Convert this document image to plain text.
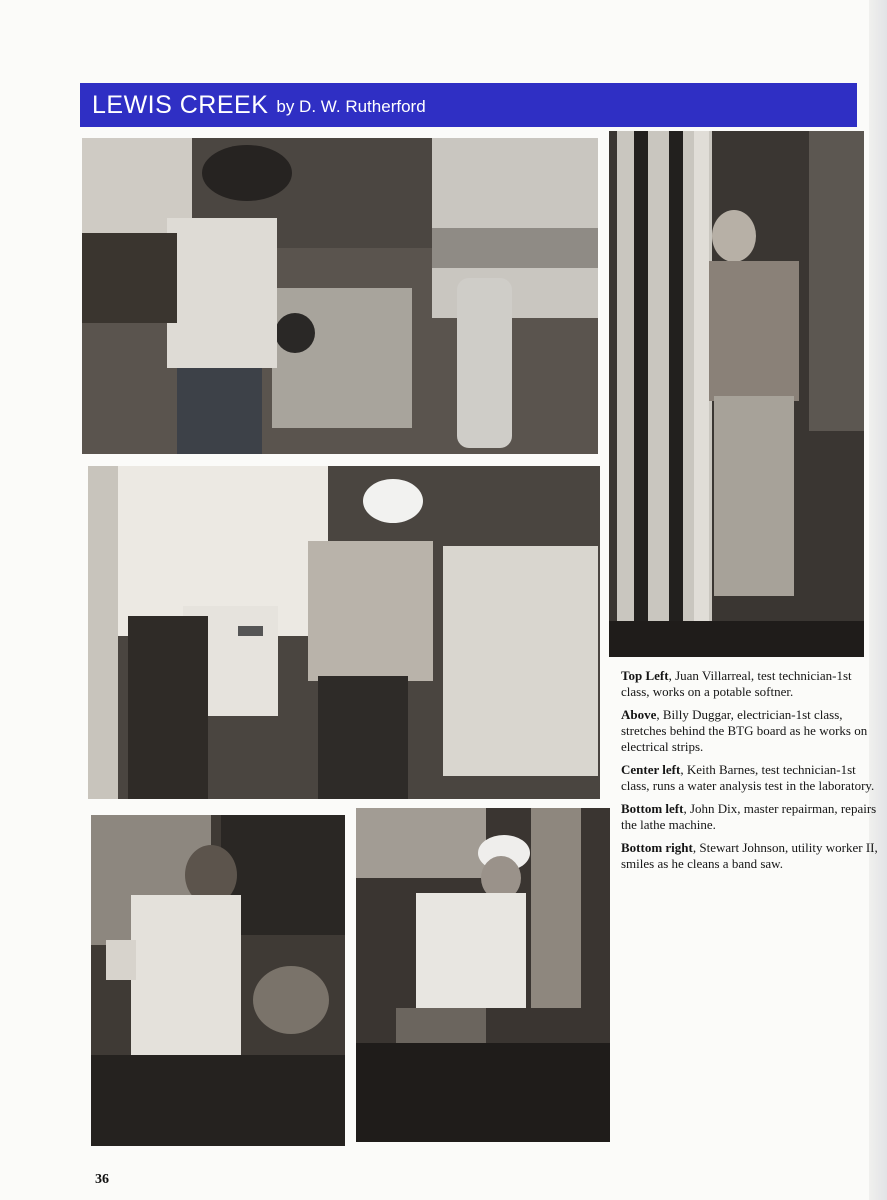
LEWIS CREEK by D. W. Rutherford

Top Left, Juan Villarreal, test technician-1st class, works on a potable softner.

Above, Billy Duggar, electrician-1st class, stretches behind the BTG board as he works on electrical strips.

Center left, Keith Barnes, test technician-1st class, runs a water analysis test in the laboratory.

Bottom left, John Dix, master repairman, repairs the lathe machine.

Bottom right, Stewart Johnson, utility worker II, smiles as he cleans a band saw.

36
